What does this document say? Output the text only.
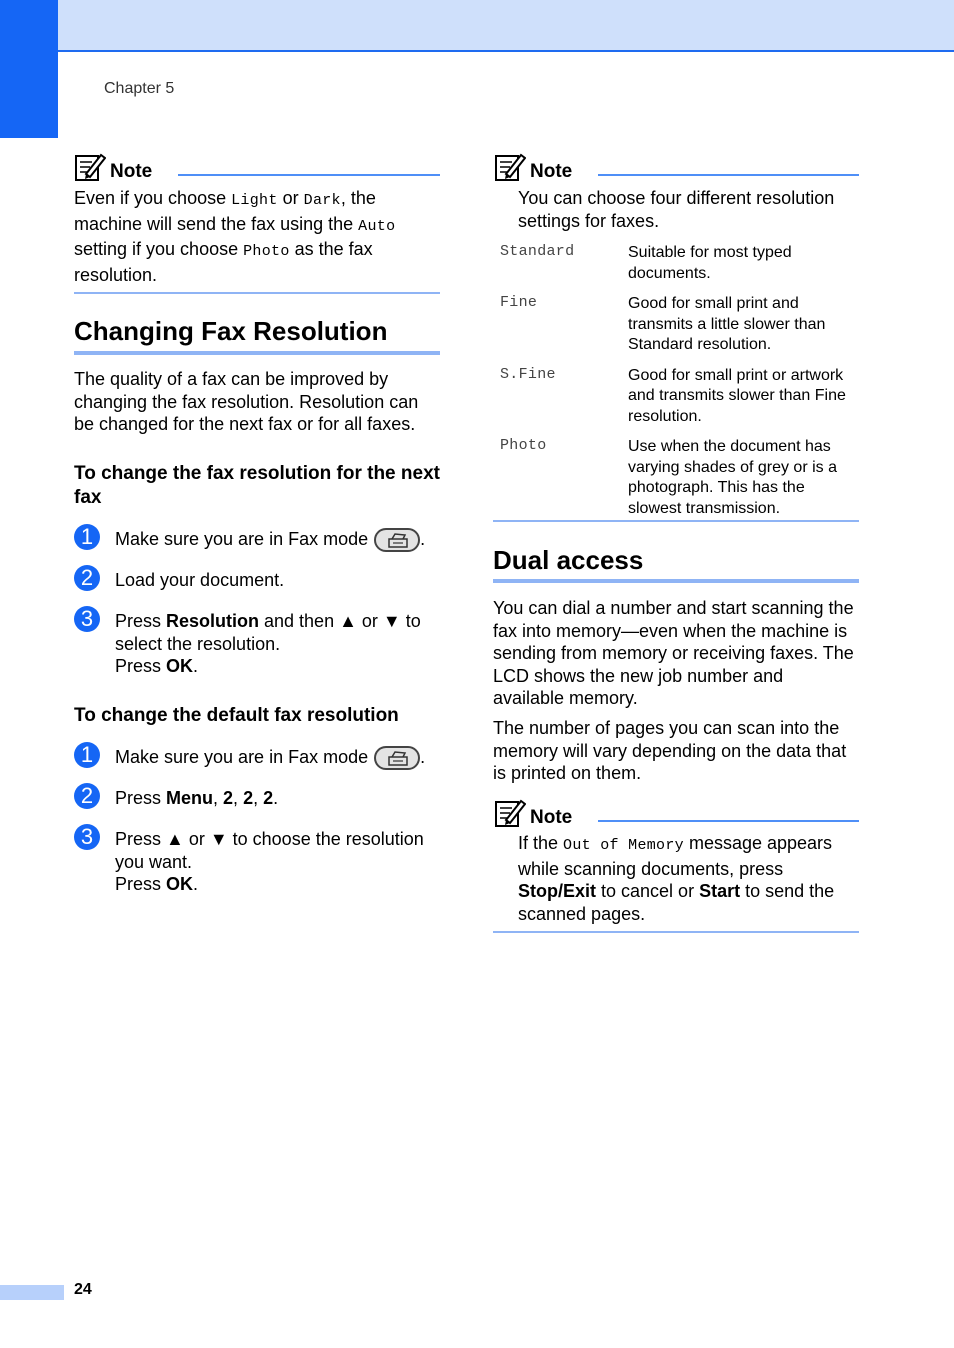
Chapter 5
Note
Even if you choose Light or Dark, the machine will send the fax using the Auto setting if you choose Photo as the fax resolution.
Changing Fax Resolution
The quality of a fax can be improved by changing the fax resolution. Resolution can be changed for the next fax or for all faxes.
To change the fax resolution for the next fax
1	Make sure you are in Fax mode	.
2	Load your document.
3	Press Resolution and then ▲ or ▼ to select the resolution.
Press OK.
To change the default fax resolution
1	Make sure you are in Fax mode	.
2	Press Menu, 2, 2, 2.
3	Press ▲ or ▼ to choose the resolution you want.
Press OK.
Note
You can choose four different resolution settings for faxes.
Standard	Suitable for most typed documents.
Fine	Good for small print and transmits a little slower than Standard resolution.
S.Fine	Good for small print or artwork and transmits slower than Fine resolution.
Photo	Use when the document has varying shades of grey or is a photograph. This has the slowest transmission.
Dual access
You can dial a number and start scanning the fax into memory—even when the machine is sending from memory or receiving faxes. The LCD shows the new job number and available memory.
The number of pages you can scan into the memory will vary depending on the data that is printed on them.
Note
If the Out of Memory message appears while scanning documents, press Stop/Exit to cancel or Start to send the scanned pages.
24
